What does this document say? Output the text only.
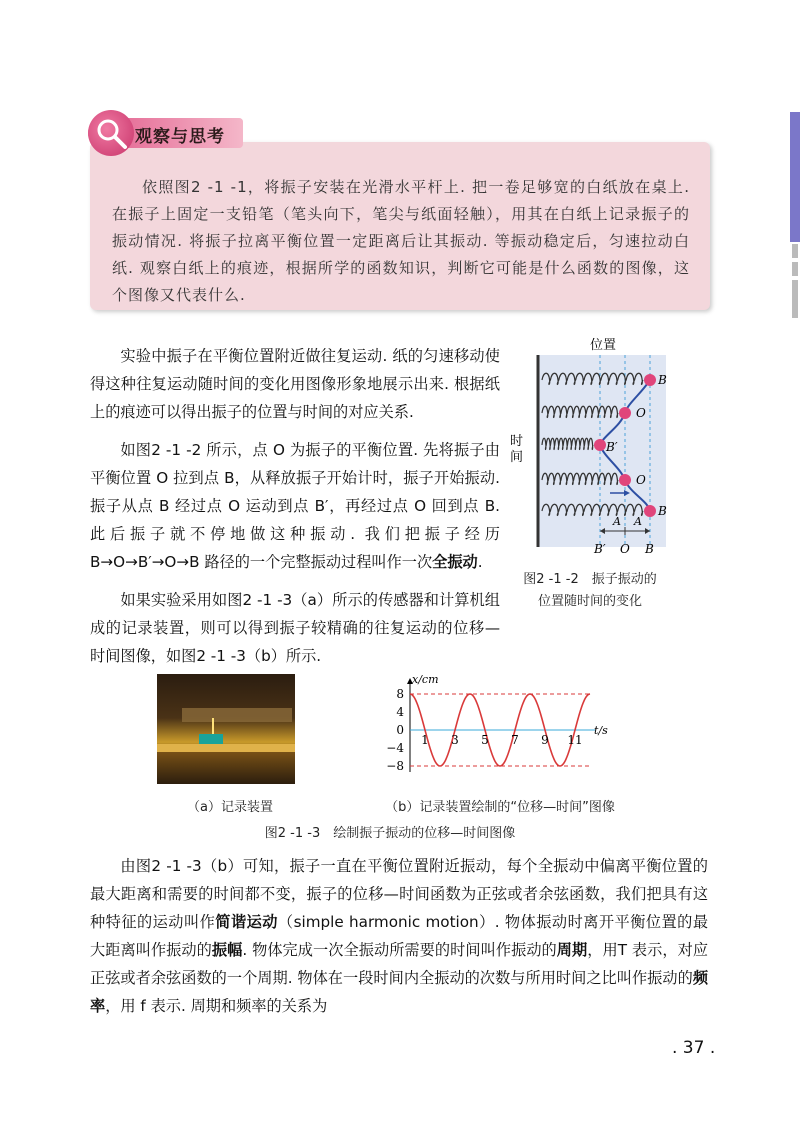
观察与思考
依照图2 -1 -1，将振子安装在光滑水平杆上. 把一卷足够宽的白纸放在桌上. 在振子上固定一支铅笔（笔头向下，笔尖与纸面轻触），用其在白纸上记录振子的振动情况. 将振子拉离平衡位置一定距离后让其振动. 等振动稳定后，匀速拉动白纸. 观察白纸上的痕迹，根据所学的函数知识，判断它可能是什么函数的图像，这个图像又代表什么.
实验中振子在平衡位置附近做往复运动. 纸的匀速移动使得这种往复运动随时间的变化用图像形象地展示出来. 根据纸上的痕迹可以得出振子的位置与时间的对应关系.
如图2 -1 -2 所示，点 O 为振子的平衡位置. 先将振子由平衡位置 O 拉到点 B，从释放振子开始计时，振子开始振动. 振子从点 B 经过点 O 运动到点 B′，再经过点 O 回到点 B. 此后振子就不停地做这种振动. 我们把振子经历 B→O→B′→O→B 路径的一个完整振动过程叫作一次全振动.
如果实验采用如图2 -1 -3（a）所示的传感器和计算机组成的记录装置，则可以得到振子较精确的往复运动的位移—时间图像，如图2 -1 -3（b）所示.
A A
B
O
B′
O
B
B′ O B
位置
时
间
图2 -1 -2　振子振动的
位置随时间的变化
8
4
0
−4
−8
1 3 5 7 9 11
x/cm
t/s
（a）记录装置	（b）记录装置绘制的“位移—时间”图像
图2 -1 -3　绘制振子振动的位移—时间图像
由图2 -1 -3（b）可知，振子一直在平衡位置附近振动，每个全振动中偏离平衡位置的最大距离和需要的时间都不变，振子的位移—时间函数为正弦或者余弦函数，我们把具有这种特征的运动叫作简谐运动（simple harmonic motion）. 物体振动时离开平衡位置的最大距离叫作振动的振幅. 物体完成一次全振动所需要的时间叫作振动的周期，用T 表示，对应正弦或者余弦函数的一个周期. 物体在一段时间内全振动的次数与所用时间之比叫作振动的频率，用 f 表示. 周期和频率的关系为
. 37 .
